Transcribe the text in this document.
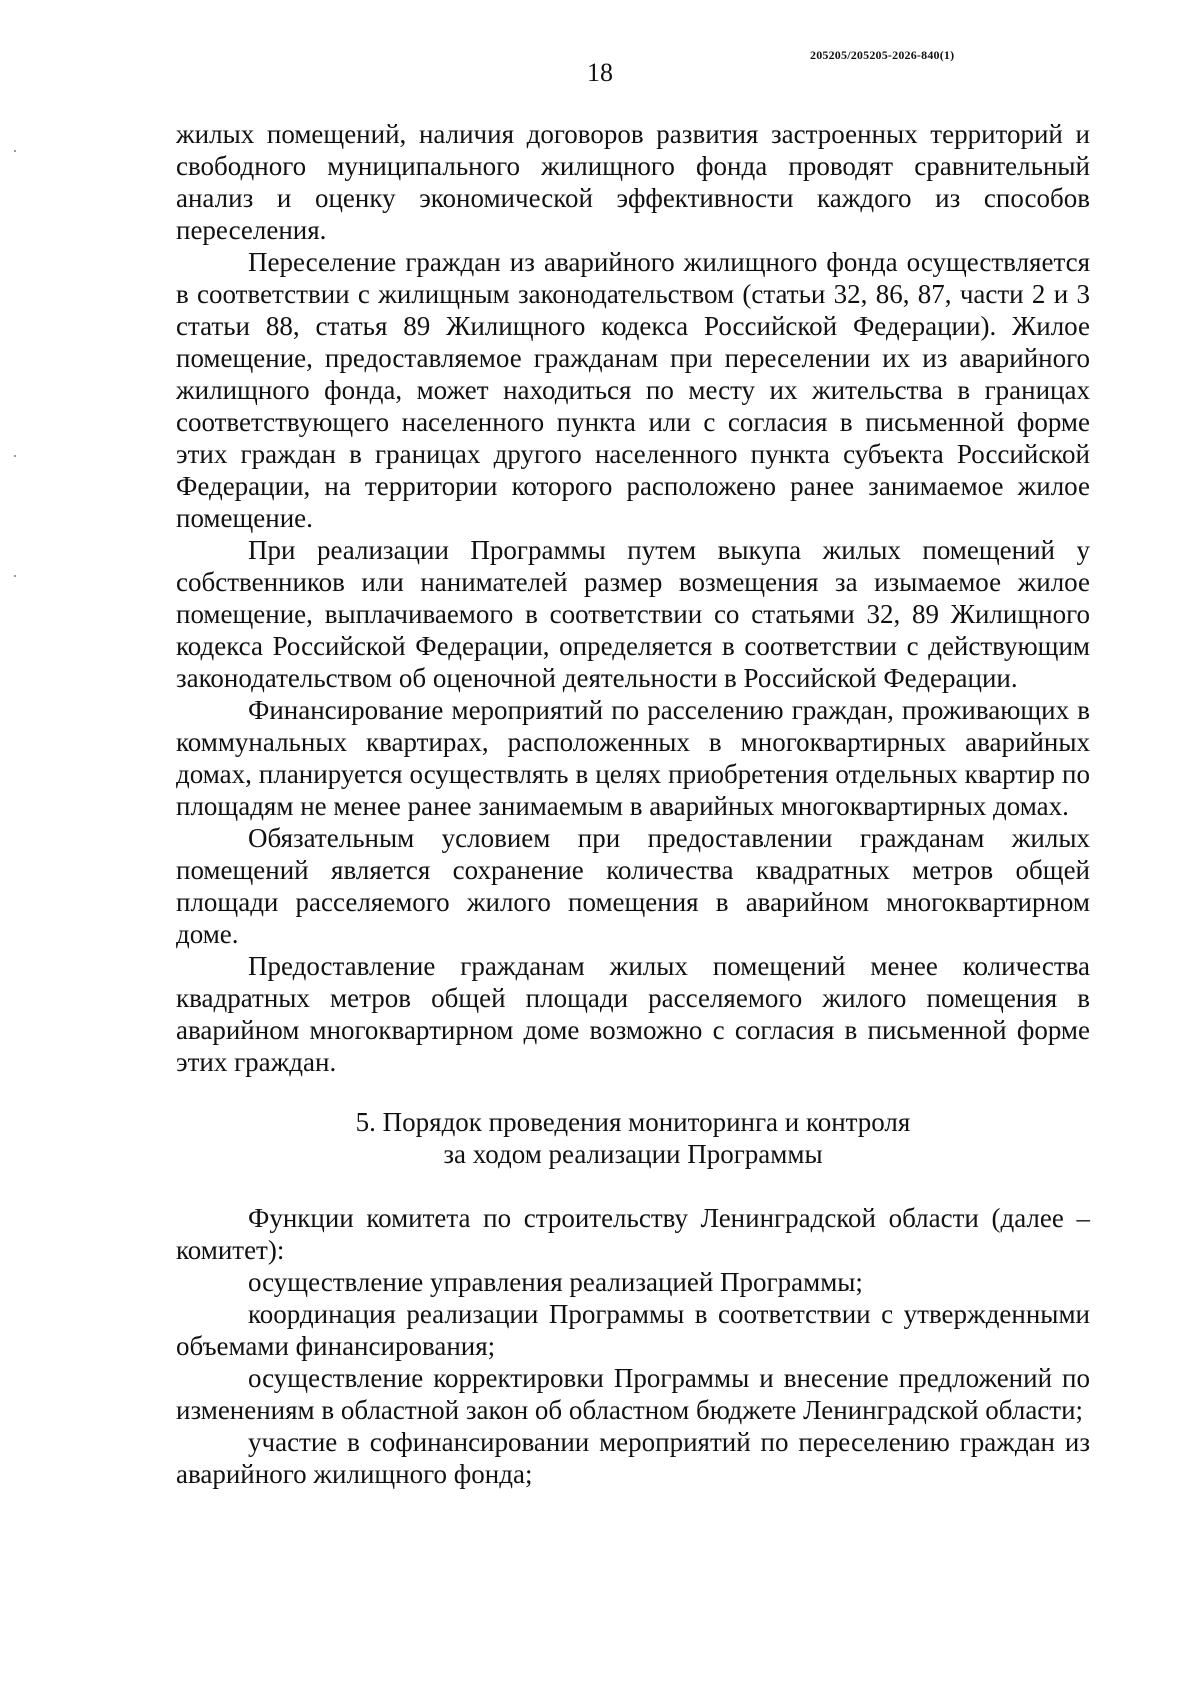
205205/205205-2026-840(1)
18

жилых помещений, наличия договоров развития застроенных территорий и свободного муниципального жилищного фонда проводят сравнительный анализ и оценку экономической эффективности каждого из способов переселения.

Переселение граждан из аварийного жилищного фонда осуществляется в соответствии с жилищным законодательством (статьи 32, 86, 87, части 2 и 3 статьи 88, статья 89 Жилищного кодекса Российской Федерации). Жилое помещение, предоставляемое гражданам при переселении их из аварийного жилищного фонда, может находиться по месту их жительства в границах соответствующего населенного пункта или с согласия в письменной форме этих граждан в границах другого населенного пункта субъекта Российской Федерации, на территории которого расположено ранее занимаемое жилое помещение.

При реализации Программы путем выкупа жилых помещений у собственников или нанимателей размер возмещения за изымаемое жилое помещение, выплачиваемого в соответствии со статьями 32, 89 Жилищного кодекса Российской Федерации, определяется в соответствии с действующим законодательством об оценочной деятельности в Российской Федерации.

Финансирование мероприятий по расселению граждан, проживающих в коммунальных квартирах, расположенных в многоквартирных аварийных домах, планируется осуществлять в целях приобретения отдельных квартир по площадям не менее ранее занимаемым в аварийных многоквартирных домах.

Обязательным условием при предоставлении гражданам жилых помещений является сохранение количества квадратных метров общей площади расселяемого жилого помещения в аварийном многоквартирном доме.

Предоставление гражданам жилых помещений менее количества квадратных метров общей площади расселяемого жилого помещения в аварийном многоквартирном доме возможно с согласия в письменной форме этих граждан.

5. Порядок проведения мониторинга и контроля
за ходом реализации Программы

Функции комитета по строительству Ленинградской области (далее – комитет):

осуществление управления реализацией Программы;

координация реализации Программы в соответствии с утвержденными объемами финансирования;

осуществление корректировки Программы и внесение предложений по изменениям в областной закон об областном бюджете Ленинградской области;

участие в софинансировании мероприятий по переселению граждан из аварийного жилищного фонда;
